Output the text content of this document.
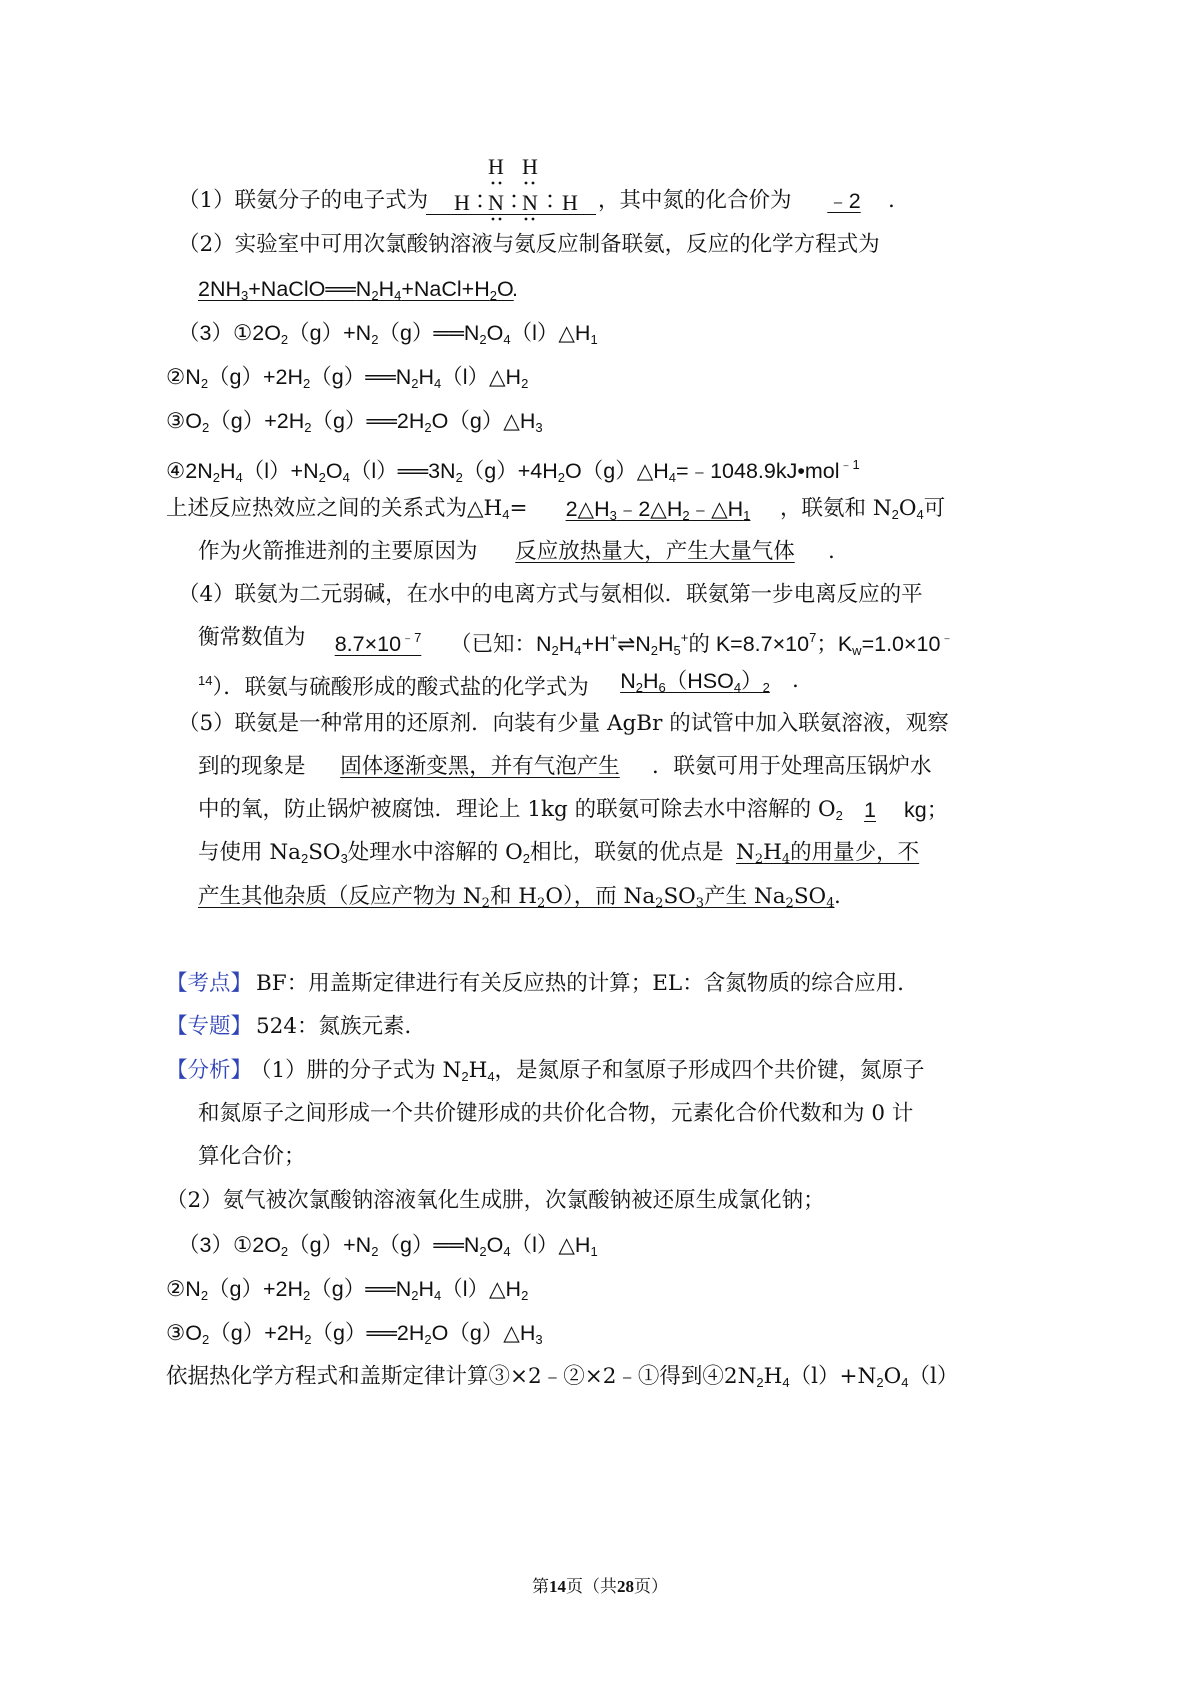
H H
H N N H
（1）联氨分子的电子式为	，其中氮的化合价为	﹣2	.
（2）实验室中可用次氯酸钠溶液与氨反应制备联氨，反应的化学方程式为
$2NH_3+NaClO══N_2H_4+NaCl+H_2O$
.
$(3)①2O_2(g)+N_2(g)══N_2O_4(l)\triangle H_1$
$②N_2(g)+2H_2(g)══N_2H_4(l)\triangle H_2$
$③O_2(g)+2H_2(g)══2H_2O(g)\triangle H_3$
$④2N_2H_4(l)+N_2O_4(l)══3N_2(g)+4H_2O(g)\triangle H_4=﹣1048.9kJ•mol^{﹣1}$
上述反应热效应之间的关系式为$\triangle H_4=$	$2\triangle H_3﹣2\triangle H_2﹣\triangle H_1$	，联氨和 $N_2O_4$可
作为火箭推进剂的主要原因为	反应放热量大，产生大量气体	.
（4）联氨为二元弱碱，在水中的电离方式与氨相似．联氨第一步电离反应的平
衡常数值为	$8.7\times 10^{﹣7}$	（已知：$N_2H_4+H^+\rightleftharpoons N_2H_5^+$的 $K=8.7\times 10^7$；$K_w=1.0\times 10^﹣$
$^{14}$）．联氨与硫酸形成的酸式盐的化学式为	$N_2H_6(HSO_4)_2$	.
（5）联氨是一种常用的还原剂．向装有少量 AgBr 的试管中加入联氨溶液，观察
到的现象是	固体逐渐变黑，并有气泡产生	．联氨可用于处理高压锅炉水
中的氧，防止锅炉被腐蚀．理论上 1kg 的联氨可除去水中溶解的 $O_2$ 1	kg；
与使用 $Na_2SO_3$处理水中溶解的 $O_2$相比，联氨的优点是 $N_2H_4$的用量少，不
产生其他杂质（反应产物为 $N_2$和 $H_2O$），而 $Na_2SO_3$产生 $Na_2SO_4$ .
【考点】 BF：用盖斯定律进行有关反应热的计算；EL：含氮物质的综合应用．
【专题】 524：氮族元素．
【分析】
（1）肼的分子式为 $N_2H_4$，是氮原子和氢原子形成四个共价键，氮原子
和氮原子之间形成一个共价键形成的共价化合物，元素化合价代数和为 0 计
算化合价；
（2）氨气被次氯酸钠溶液氧化生成肼，次氯酸钠被还原生成氯化钠；
$(3)①2O_2(g)+N_2(g)══N_2O_4(l)\triangle H_1$
$②N_2(g)+2H_2(g)══N_2H_4(l)\triangle H_2$
$③O_2(g)+2H_2(g)══2H_2O(g)\triangle H_3$
依据热化学方程式和盖斯定律计算③×2﹣②×2﹣①得到$④2N_2H_4(l)+N_2O_4(l)$
第14页（共28页）
